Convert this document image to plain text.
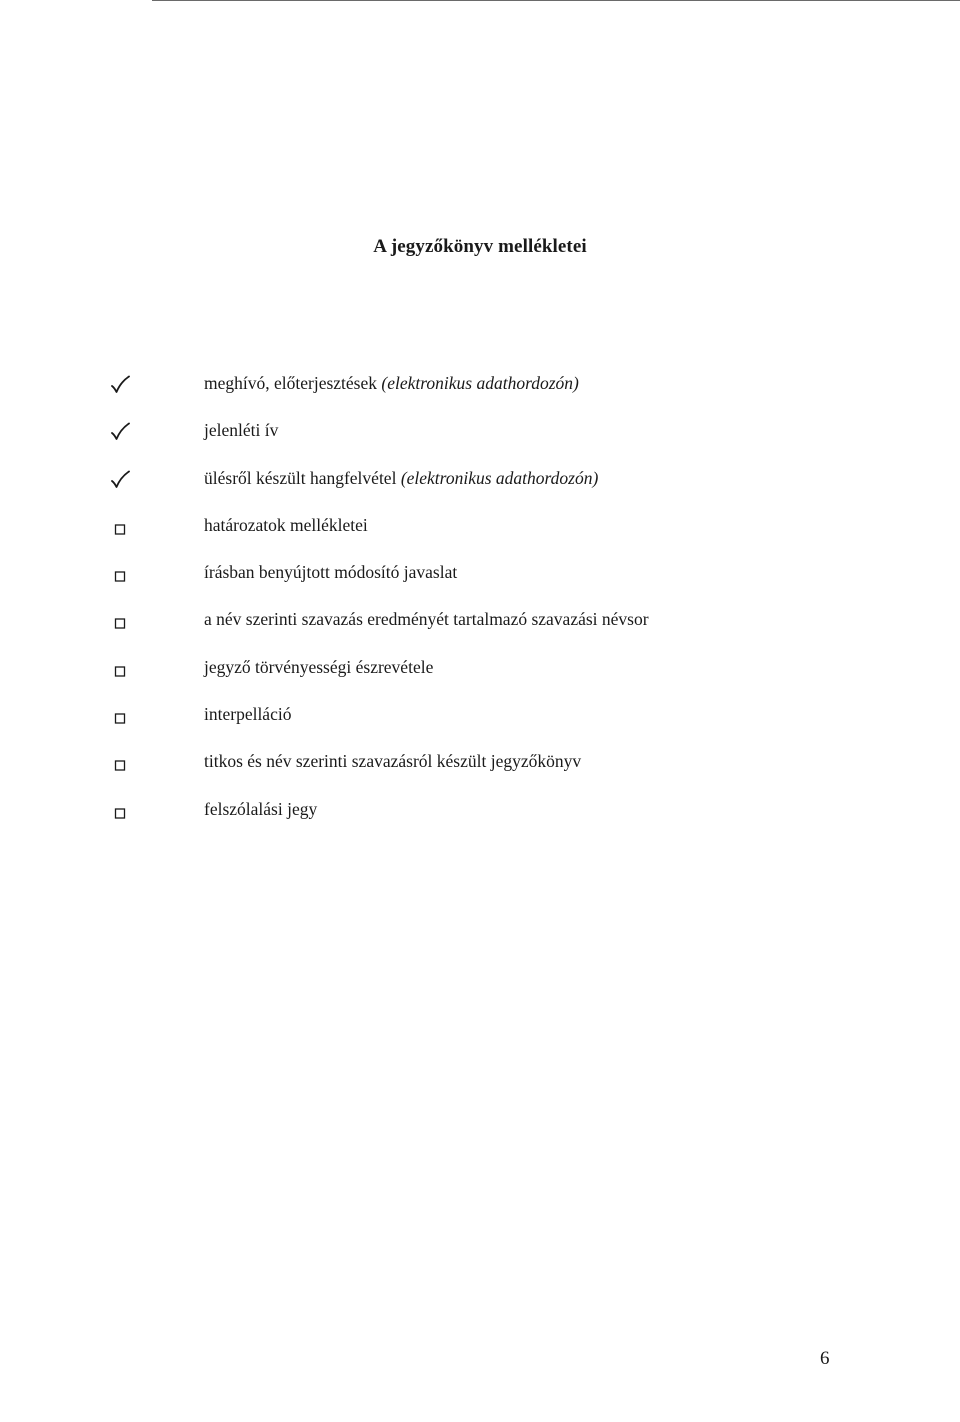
A jegyzőkönyv mellékletei
meghívó, előterjesztések (elektronikus adathordozón)
jelenléti ív
ülésről készült hangfelvétel (elektronikus adathordozón)
határozatok mellékletei
írásban benyújtott módosító javaslat
a név szerinti szavazás eredményét tartalmazó szavazási névsor
jegyző törvényességi észrevétele
interpelláció
titkos és név szerinti szavazásról készült jegyzőkönyv
felszólalási jegy
6
